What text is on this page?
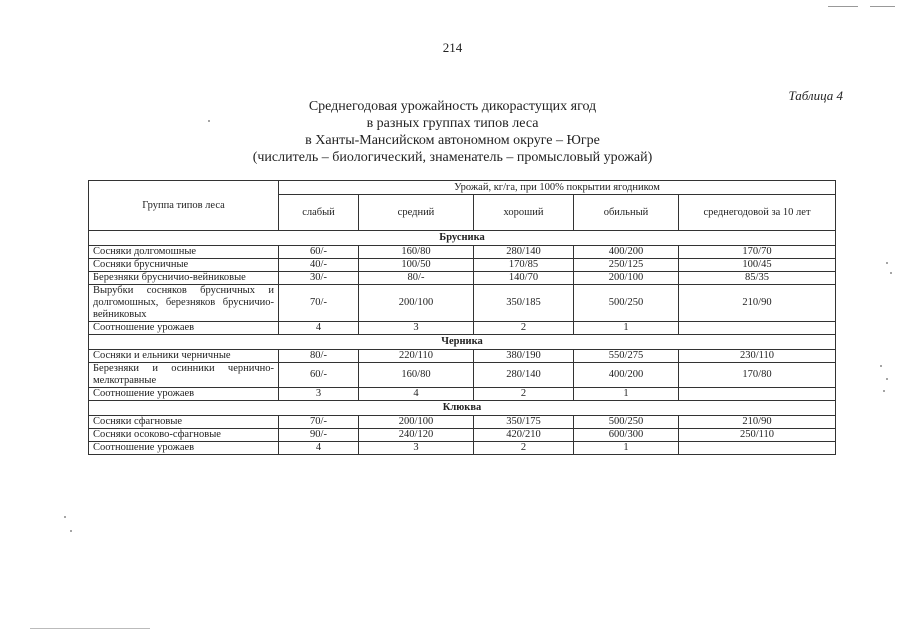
214
Таблица 4
Среднегодовая урожайность дикорастущих ягод
в разных группах типов леса
в Ханты-Мансийском автономном округе – Югре
(числитель – биологический, знаменатель – промысловый урожай)
Группа типов леса	Урожай, кг/га, при 100% покрытии ягодником				
	слабый	средний	хороший	обильный	среднегодовой за 10 лет
Брусника					
Сосняки долгомошные	60/-	160/80	280/140	400/200	170/70
Сосняки брусничные	40/-	100/50	170/85	250/125	100/45
Березняки брусничио-вейниковые	30/-	80/-	140/70	200/100	85/35
Вырубки сосняков брусничных и долгомошных, березняков брусничио-вейниковых	70/-	200/100	350/185	500/250	210/90
Соотношение урожаев	4	3	2	1	
Черника					
Сосняки и ельники черничные	80/-	220/110	380/190	550/275	230/110
Березняки и осинники чернично-мелкотравные	60/-	160/80	280/140	400/200	170/80
Соотношение урожаев	3	4	2	1	
Клюква					
Сосняки сфагновые	70/-	200/100	350/175	500/250	210/90
Сосняки осоково-сфагновые	90/-	240/120	420/210	600/300	250/110
Соотношение урожаев	4	3	2	1	
